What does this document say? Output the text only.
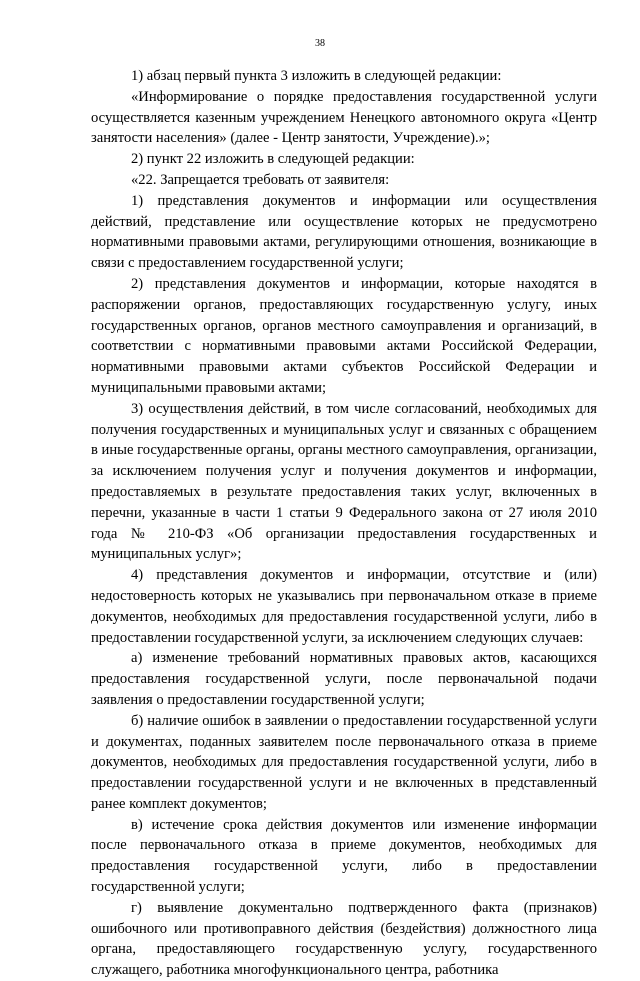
38

1) абзац первый пункта 3 изложить в следующей редакции:

«Информирование о порядке предоставления государственной услуги осуществляется казенным учреждением Ненецкого автономного округа «Центр занятости населения» (далее - Центр занятости, Учреждение).»;

2) пункт 22 изложить в следующей редакции:

«22. Запрещается требовать от заявителя:

1) представления документов и информации или осуществления действий, представление или осуществление которых не предусмотрено нормативными правовыми актами, регулирующими отношения, возникающие в связи с предоставлением государственной услуги;

2) представления документов и информации, которые находятся в распоряжении органов, предоставляющих государственную услугу, иных государственных органов, органов местного самоуправления и организаций, в соответствии с нормативными правовыми актами Российской Федерации, нормативными правовыми актами субъектов Российской Федерации и муниципальными правовыми актами;

3) осуществления действий, в том числе согласований, необходимых для получения государственных и муниципальных услуг и связанных с обращением в иные государственные органы, органы местного самоуправления, организации, за исключением получения услуг и получения документов и информации, предоставляемых в результате предоставления таких услуг, включенных в перечни, указанные в части 1 статьи 9 Федерального закона от 27 июля 2010 года № 210-ФЗ «Об организации предоставления государственных и муниципальных услуг»;

4) представления документов и информации, отсутствие и (или) недостоверность которых не указывались при первоначальном отказе в приеме документов, необходимых для предоставления государственной услуги, либо в предоставлении государственной услуги, за исключением следующих случаев:

а) изменение требований нормативных правовых актов, касающихся предоставления государственной услуги, после первоначальной подачи заявления о предоставлении государственной услуги;

б) наличие ошибок в заявлении о предоставлении государственной услуги и документах, поданных заявителем после первоначального отказа в приеме документов, необходимых для предоставления государственной услуги, либо в предоставлении государственной услуги и не включенных в представленный ранее комплект документов;

в) истечение срока действия документов или изменение информации после первоначального отказа в приеме документов, необходимых для предоставления государственной услуги, либо в предоставлении государственной услуги;

г) выявление документально подтвержденного факта (признаков) ошибочного или противоправного действия (бездействия) должностного лица органа, предоставляющего государственную услугу, государственного служащего, работника многофункционального центра, работника
